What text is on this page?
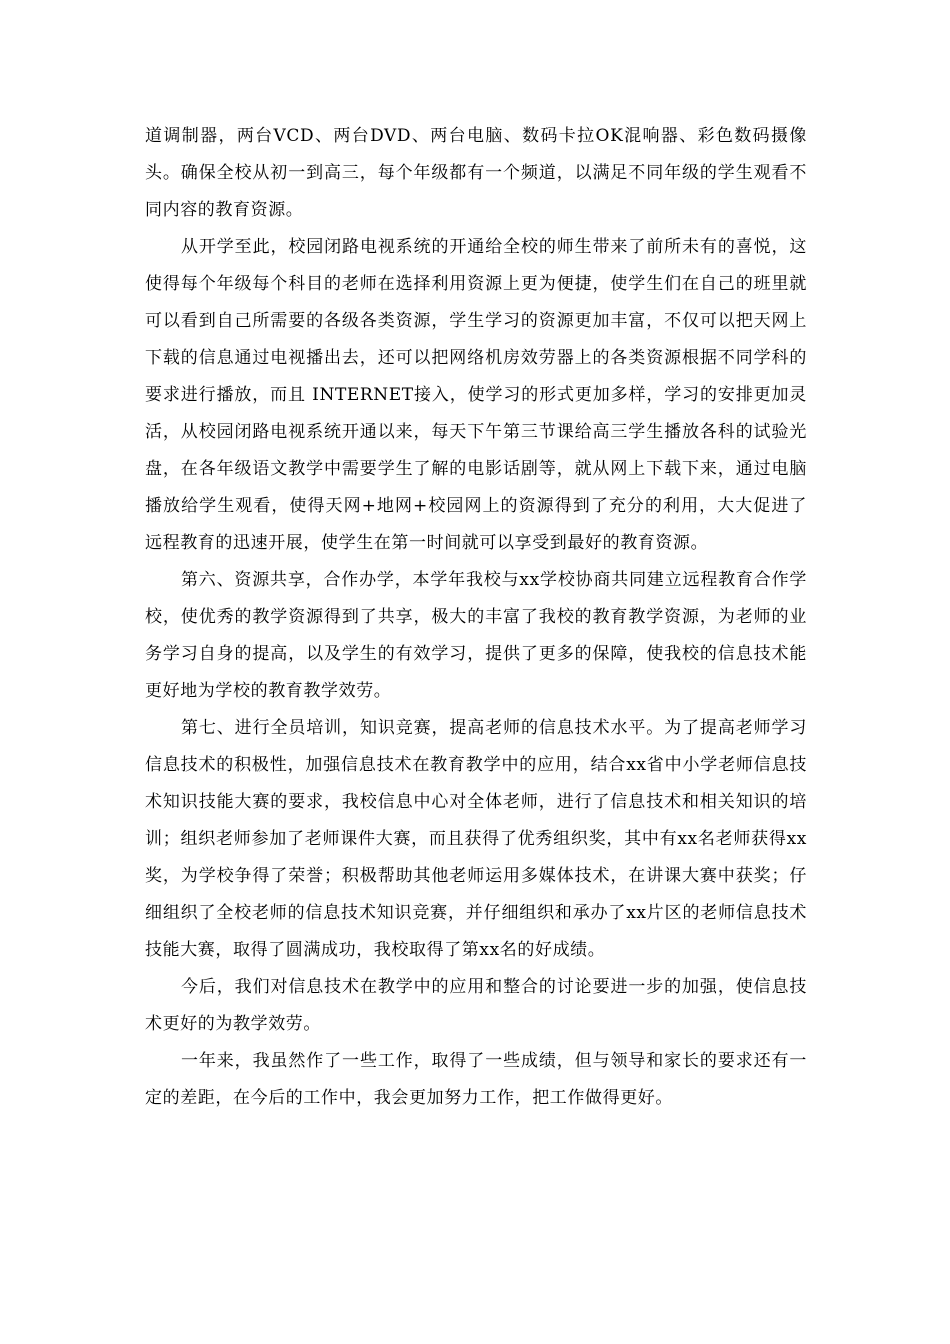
道调制器，两台VCD、两台DVD、两台电脑、数码卡拉OK混响器、彩色数码摄像头。确保全校从初一到高三，每个年级都有一个频道，以满足不同年级的学生观看不同内容的教育资源。

从开学至此，校园闭路电视系统的开通给全校的师生带来了前所未有的喜悦，这使得每个年级每个科目的老师在选择利用资源上更为便捷，使学生们在自己的班里就可以看到自己所需要的各级各类资源，学生学习的资源更加丰富，不仅可以把天网上下载的信息通过电视播出去，还可以把网络机房效劳器上的各类资源根据不同学科的要求进行播放，而且 INTERNET接入，使学习的形式更加多样，学习的安排更加灵活，从校园闭路电视系统开通以来，每天下午第三节课给高三学生播放各科的试验光盘，在各年级语文教学中需要学生了解的电影话剧等，就从网上下载下来，通过电脑播放给学生观看，使得天网+地网+校园网上的资源得到了充分的利用，大大促进了远程教育的迅速开展，使学生在第一时间就可以享受到最好的教育资源。

第六、资源共享，合作办学，本学年我校与xx学校协商共同建立远程教育合作学校，使优秀的教学资源得到了共享，极大的丰富了我校的教育教学资源，为老师的业务学习自身的提高，以及学生的有效学习，提供了更多的保障，使我校的信息技术能更好地为学校的教育教学效劳。

第七、进行全员培训，知识竞赛，提高老师的信息技术水平。为了提高老师学习信息技术的积极性，加强信息技术在教育教学中的应用，结合xx省中小学老师信息技术知识技能大赛的要求，我校信息中心对全体老师，进行了信息技术和相关知识的培训；组织老师参加了老师课件大赛，而且获得了优秀组织奖，其中有xx名老师获得xx奖，为学校争得了荣誉；积极帮助其他老师运用多媒体技术，在讲课大赛中获奖；仔细组织了全校老师的信息技术知识竞赛，并仔细组织和承办了xx片区的老师信息技术技能大赛，取得了圆满成功，我校取得了第xx名的好成绩。

今后，我们对信息技术在教学中的应用和整合的讨论要进一步的加强，使信息技术更好的为教学效劳。

一年来，我虽然作了一些工作，取得了一些成绩，但与领导和家长的要求还有一定的差距，在今后的工作中，我会更加努力工作，把工作做得更好。
